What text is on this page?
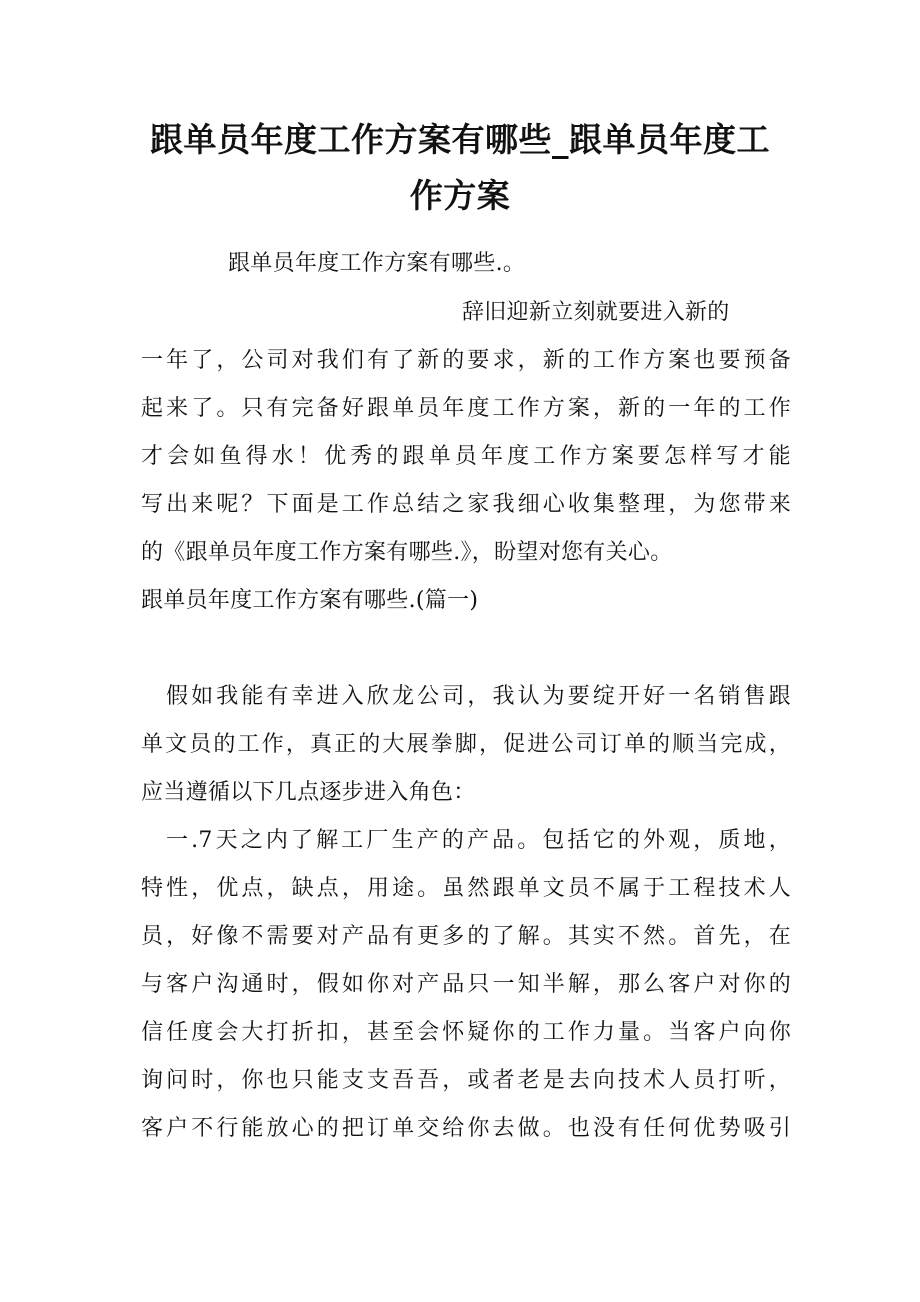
跟单员年度工作方案有哪些_跟单员年度工
作方案
跟单员年度工作方案有哪些.。
辞旧迎新立刻就要进入新的
一年了，公司对我们有了新的要求，新的工作方案也要预备
起来了。只有完备好跟单员年度工作方案，新的一年的工作
才会如鱼得水！优秀的跟单员年度工作方案要怎样写才能
写出来呢？下面是工作总结之家我细心收集整理，为您带来
的《跟单员年度工作方案有哪些.》，盼望对您有关心。
跟单员年度工作方案有哪些.(篇一)
假如我能有幸进入欣龙公司，我认为要绽开好一名销售跟
单文员的工作，真正的大展拳脚，促进公司订单的顺当完成，
应当遵循以下几点逐步进入角色：
一.7天之内了解工厂生产的产品。包括它的外观，质地，
特性，优点，缺点，用途。虽然跟单文员不属于工程技术人
员，好像不需要对产品有更多的了解。其实不然。首先，在
与客户沟通时，假如你对产品只一知半解，那么客户对你的
信任度会大打折扣，甚至会怀疑你的工作力量。当客户向你
询问时，你也只能支支吾吾，或者老是去向技术人员打听，
客户不行能放心的把订单交给你去做。也没有任何优势吸引
